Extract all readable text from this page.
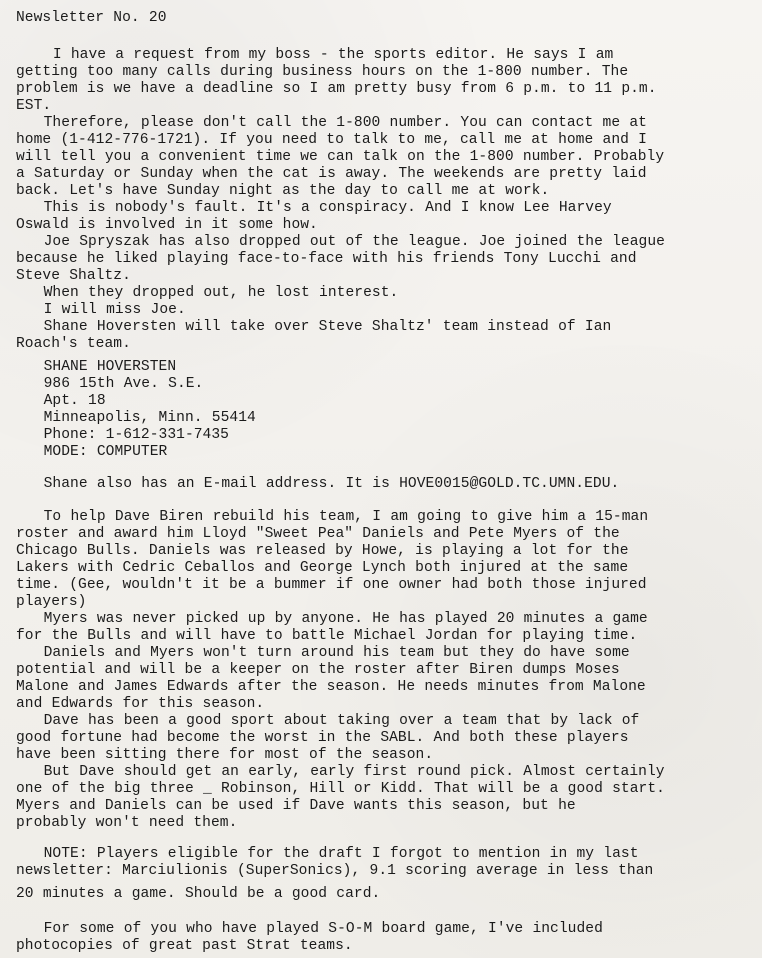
Newsletter No. 20
I have a request from my boss - the sports editor. He says I am
getting too many calls during business hours on the 1-800 number. The
problem is we have a deadline so I am pretty busy from 6 p.m. to 11 p.m.
EST.
Therefore, please don't call the 1-800 number. You can contact me at
home (1-412-776-1721). If you need to talk to me, call me at home and I
will tell you a convenient time we can talk on the 1-800 number. Probably
a Saturday or Sunday when the cat is away. The weekends are pretty laid
back. Let's have Sunday night as the day to call me at work.
This is nobody's fault. It's a conspiracy. And I know Lee Harvey
Oswald is involved in it some how.
Joe Spryszak has also dropped out of the league. Joe joined the league
because he liked playing face-to-face with his friends Tony Lucchi and
Steve Shaltz.
When they dropped out, he lost interest.
I will miss Joe.
Shane Hoversten will take over Steve Shaltz' team instead of Ian
Roach's team.
SHANE HOVERSTEN
986 15th Ave. S.E.
Apt. 18
Minneapolis, Minn. 55414
Phone: 1-612-331-7435
MODE: COMPUTER
Shane also has an E-mail address. It is HOVE0015@GOLD.TC.UMN.EDU.
To help Dave Biren rebuild his team, I am going to give him a 15-man
roster and award him Lloyd "Sweet Pea" Daniels and Pete Myers of the
Chicago Bulls. Daniels was released by Howe, is playing a lot for the
Lakers with Cedric Ceballos and George Lynch both injured at the same
time. (Gee, wouldn't it be a bummer if one owner had both those injured
players)
Myers was never picked up by anyone. He has played 20 minutes a game
for the Bulls and will have to battle Michael Jordan for playing time.
Daniels and Myers won't turn around his team but they do have some
potential and will be a keeper on the roster after Biren dumps Moses
Malone and James Edwards after the season. He needs minutes from Malone
and Edwards for this season.
Dave has been a good sport about taking over a team that by lack of
good fortune had become the worst in the SABL. And both these players
have been sitting there for most of the season.
But Dave should get an early, early first round pick. Almost certainly
one of the big three _ Robinson, Hill or Kidd. That will be a good start.
Myers and Daniels can be used if Dave wants this season, but he
probably won't need them.
NOTE: Players eligible for the draft I forgot to mention in my last
newsletter: Marciulionis (SuperSonics), 9.1 scoring average in less than
20 minutes a game. Should be a good card.
For some of you who have played S-O-M board game, I've included
photocopies of great past Strat teams.
